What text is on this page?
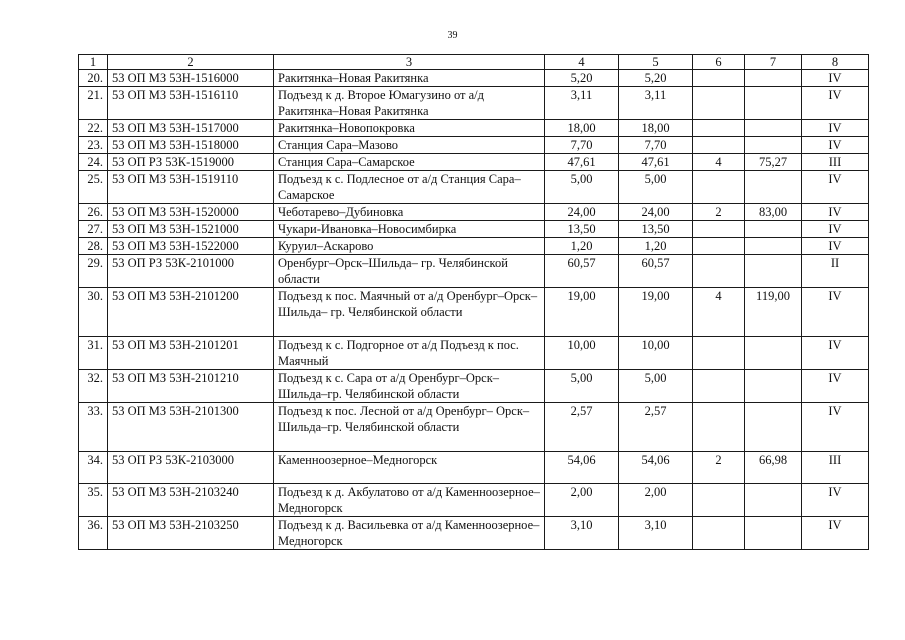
39
1	2	3	4	5	6	7	8
20.	53 ОП МЗ 53Н-1516000	Ракитянка–Новая Ракитянка	5,20	5,20			IV
21.	53 ОП МЗ 53Н-1516110	Подъезд к д. Второе Юмагузино от а/д Ракитянка–Новая Ракитянка	3,11	3,11			IV
22.	53 ОП МЗ 53Н-1517000	Ракитянка–Новопокровка	18,00	18,00			IV
23.	53 ОП МЗ 53Н-1518000	Станция Сара–Мазово	7,70	7,70			IV
24.	53 ОП РЗ 53К-1519000	Станция Сара–Самарское	47,61	47,61	4	75,27	III
25.	53 ОП МЗ 53Н-1519110	Подъезд к с. Подлесное от а/д Станция Сара–Самарское	5,00	5,00			IV
26.	53 ОП МЗ 53Н-1520000	Чеботарево–Дубиновка	24,00	24,00	2	83,00	IV
27.	53 ОП МЗ 53Н-1521000	Чукари-Ивановка–Новосимбирка	13,50	13,50			IV
28.	53 ОП МЗ 53Н-1522000	Куруил–Аскарово	1,20	1,20			IV
29.	53 ОП РЗ 53К-2101000	Оренбург–Орск–Шильда– гр. Челябинской области	60,57	60,57			II
30.	53 ОП МЗ 53Н-2101200	Подъезд к пос. Маячный от а/д Оренбург–Орск–Шильда– гр. Челябинской области	19,00	19,00	4	119,00	IV
31.	53 ОП МЗ 53Н-2101201	Подъезд к с. Подгорное от а/д Подъезд к пос. Маячный	10,00	10,00			IV
32.	53 ОП МЗ 53Н-2101210	Подъезд к с. Сара от а/д Оренбург–Орск– Шильда–гр. Челябинской области	5,00	5,00			IV
33.	53 ОП МЗ 53Н-2101300	Подъезд к пос. Лесной от а/д Оренбург– Орск–Шильда–гр. Челябинской области	2,57	2,57			IV
34.	53 ОП РЗ 53К-2103000	Каменноозерное–Медногорск	54,06	54,06	2	66,98	III
35.	53 ОП МЗ 53Н-2103240	Подъезд к д. Акбулатово от а/д Каменноозерное–Медногорск	2,00	2,00			IV
36.	53 ОП МЗ 53Н-2103250	Подъезд к д. Васильевка от а/д Каменноозерное–Медногорск	3,10	3,10			IV
